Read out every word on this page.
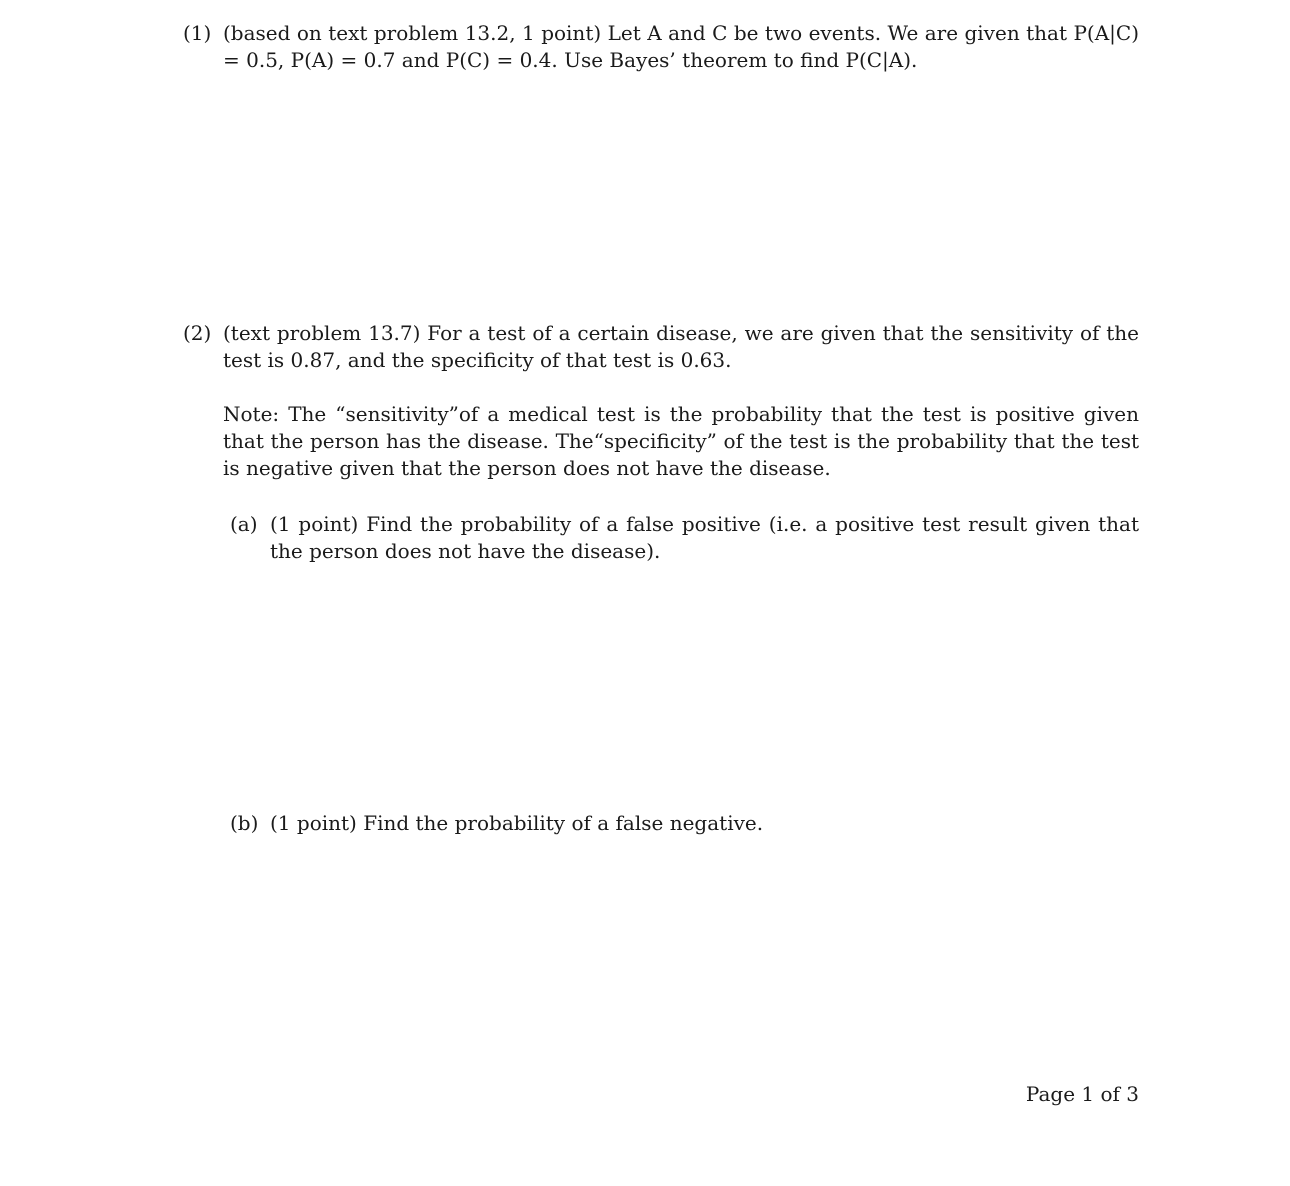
(1) (based on text problem 13.2, 1 point) Let A and C be two events. We are given that P(A|C) = 0.5, P(A) = 0.7 and P(C) = 0.4. Use Bayes’ theorem to find P(C|A).

(2) (text problem 13.7) For a test of a certain disease, we are given that the sensitivity of the test is 0.87, and the specificity of that test is 0.63.

Note: The “sensitivity”of a medical test is the probability that the test is positive given that the person has the disease. The“specificity” of the test is the probability that the test is negative given that the person does not have the disease.

(a) (1 point) Find the probability of a false positive (i.e. a positive test result given that the person does not have the disease).

(b) (1 point) Find the probability of a false negative.

Page 1 of 3
